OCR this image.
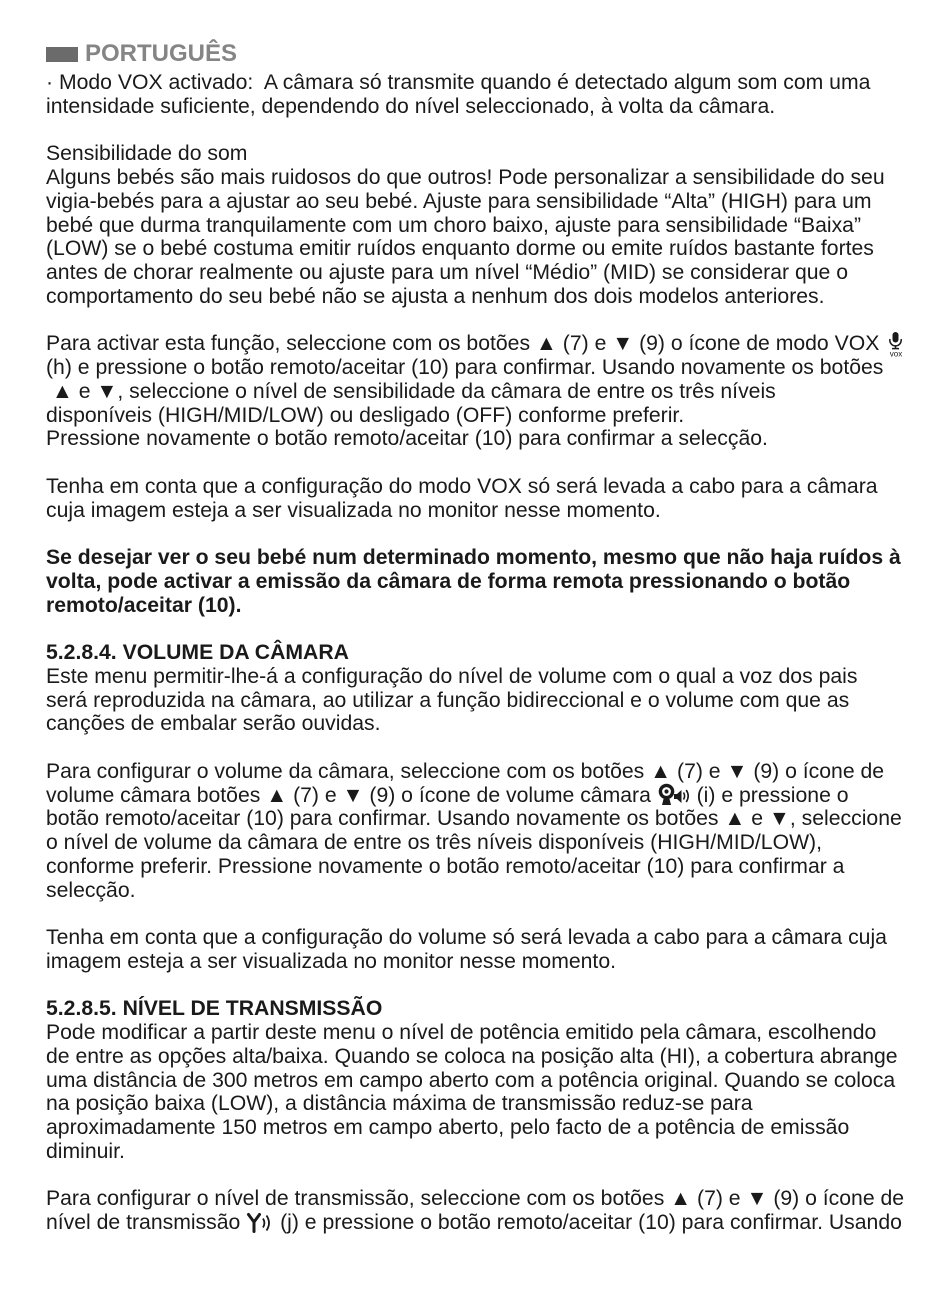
PORTUGUÊS
· Modo VOX activado:  A câmara só transmite quando é detectado algum som com uma
intensidade suficiente, dependendo do nível seleccionado, à volta da câmara.
Sensibilidade do som
Alguns bebés são mais ruidosos do que outros! Pode personalizar a sensibilidade do seu
vigia-bebés para a ajustar ao seu bebé. Ajuste para sensibilidade “Alta” (HIGH) para um
bebé que durma tranquilamente com um choro baixo, ajuste para sensibilidade “Baixa”
(LOW) se o bebé costuma emitir ruídos enquanto dorme ou emite ruídos bastante fortes
antes de chorar realmente ou ajuste para um nível “Médio” (MID) se considerar que o
comportamento do seu bebé não se ajusta a nenhum dos dois modelos anteriores.
Para activar esta função, seleccione com os botões ▲ (7) e ▼ (9) o ícone de modo VOX vox
(h) e pressione o botão remoto/aceitar (10) para confirmar. Usando novamente os botões
▲ e ▼, seleccione o nível de sensibilidade da câmara de entre os três níveis
disponíveis (HIGH/MID/LOW) ou desligado (OFF) conforme preferir.
Pressione novamente o botão remoto/aceitar (10) para confirmar a selecção.
Tenha em conta que a configuração do modo VOX só será levada a cabo para a câmara
cuja imagem esteja a ser visualizada no monitor nesse momento.
Se desejar ver o seu bebé num determinado momento, mesmo que não haja ruídos à
volta, pode activar a emissão da câmara de forma remota pressionando o botão
remoto/aceitar (10).
5.2.8.4. VOLUME DA CÂMARA
Este menu permitir-lhe-á a configuração do nível de volume com o qual a voz dos pais
será reproduzida na câmara, ao utilizar a função bidireccional e o volume com que as
canções de embalar serão ouvidas.
Para configurar o volume da câmara, seleccione com os botões ▲ (7) e ▼ (9) o ícone de
volume câmara botões ▲ (7) e ▼ (9) o ícone de volume câmara
(i) e pressione o
botão remoto/aceitar (10) para confirmar. Usando novamente os botões ▲ e ▼, seleccione
o nível de volume da câmara de entre os três níveis disponíveis (HIGH/MID/LOW),
conforme preferir. Pressione novamente o botão remoto/aceitar (10) para confirmar a
selecção.
Tenha em conta que a configuração do volume só será levada a cabo para a câmara cuja
imagem esteja a ser visualizada no monitor nesse momento.
5.2.8.5. NÍVEL DE TRANSMISSÃO
Pode modificar a partir deste menu o nível de potência emitido pela câmara, escolhendo
de entre as opções alta/baixa. Quando se coloca na posição alta (HI), a cobertura abrange
uma distância de 300 metros em campo aberto com a potência original. Quando se coloca
na posição baixa (LOW), a distância máxima de transmissão reduz-se para
aproximadamente 150 metros em campo aberto, pelo facto de a potência de emissão
diminuir.
Para configurar o nível de transmissão, seleccione com os botões ▲ (7) e ▼ (9) o ícone de
nível de transmissão
(j) e pressione o botão remoto/aceitar (10) para confirmar. Usando
